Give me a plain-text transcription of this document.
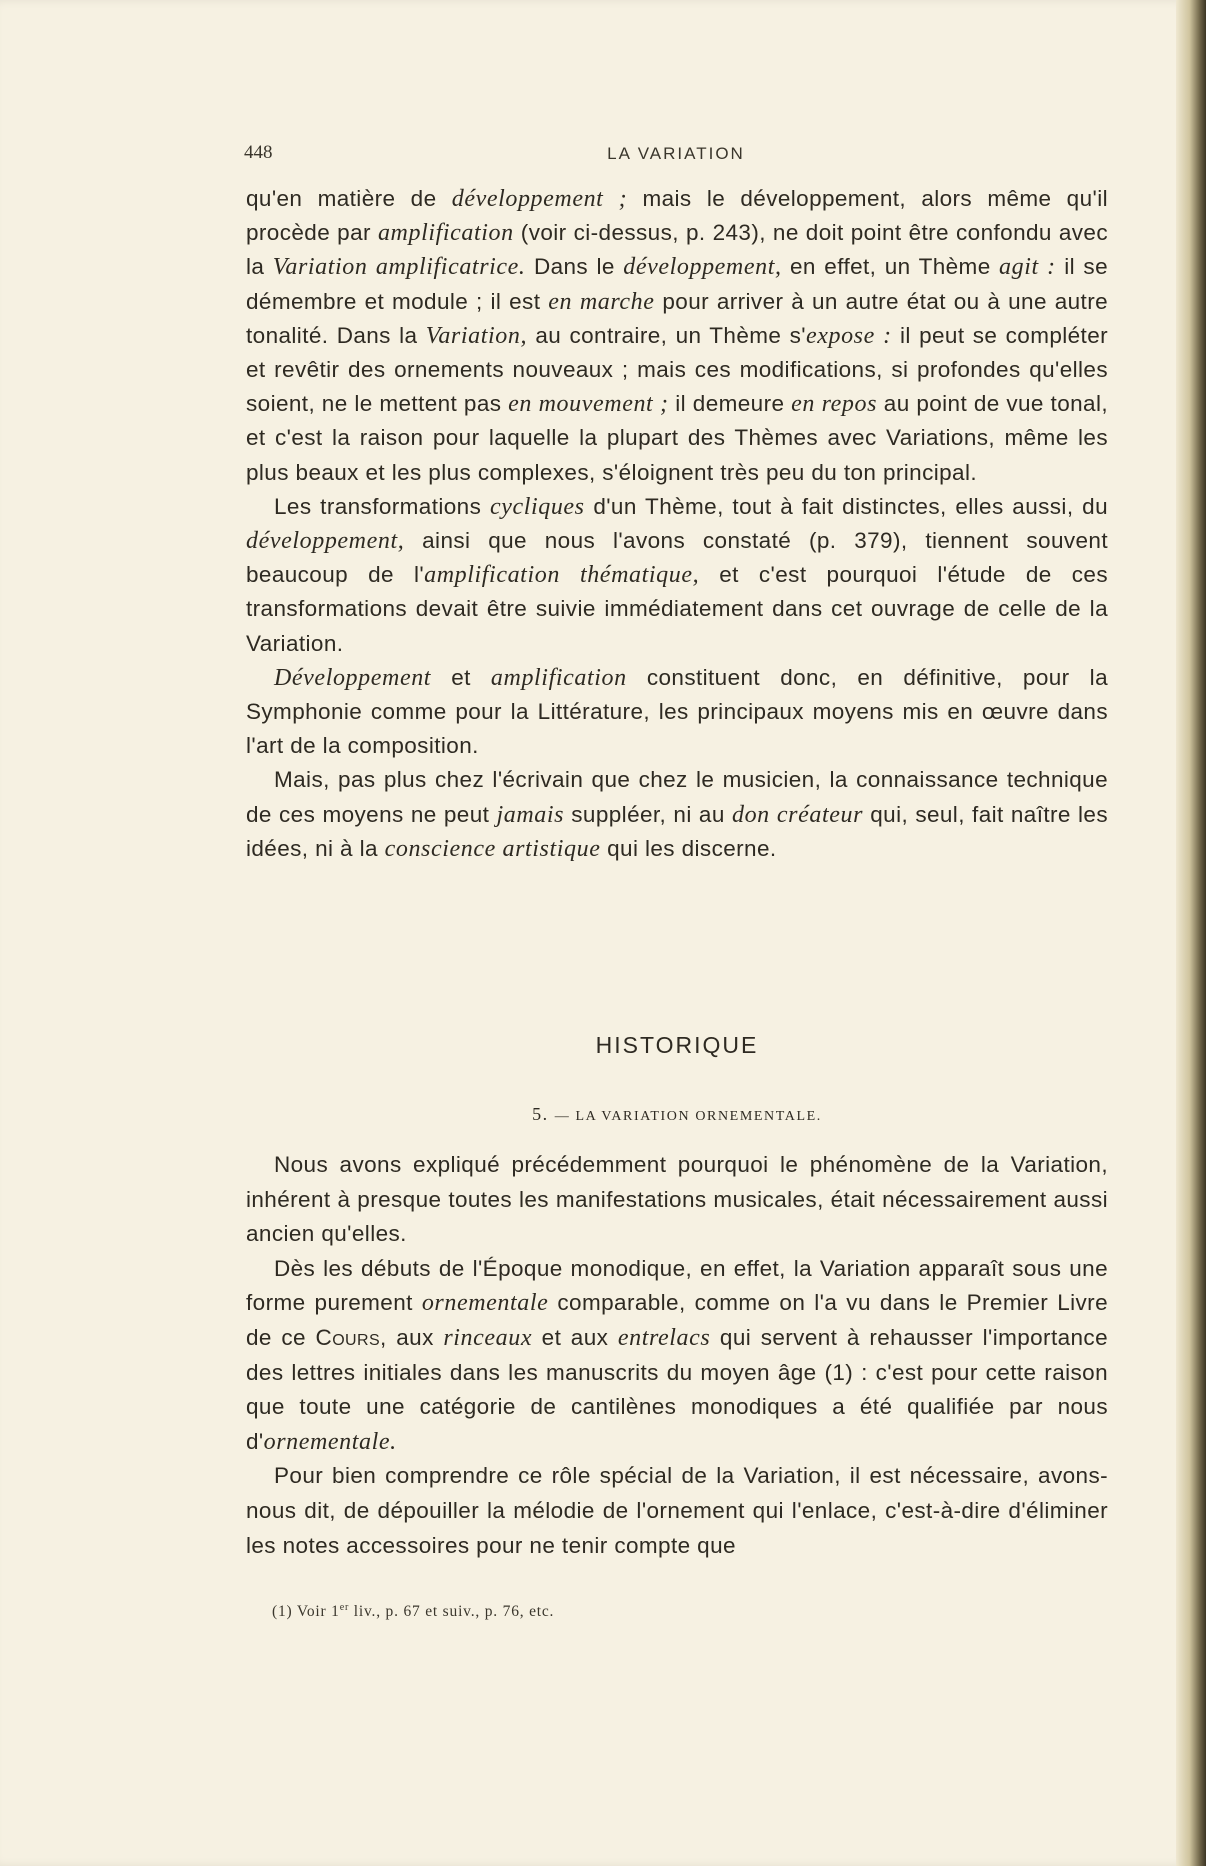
448	LA VARIATION

qu'en matière de développement ; mais le développement, alors même qu'il procède par amplification (voir ci-dessus, p. 243), ne doit point être confondu avec la Variation amplificatrice. Dans le développement, en effet, un Thème agit : il se démembre et module ; il est en marche pour arriver à un autre état ou à une autre tonalité. Dans la Variation, au contraire, un Thème s'expose : il peut se compléter et revêtir des ornements nouveaux ; mais ces modifications, si profondes qu'elles soient, ne le mettent pas en mouvement ; il demeure en repos au point de vue tonal, et c'est la raison pour laquelle la plupart des Thèmes avec Variations, même les plus beaux et les plus complexes, s'éloignent très peu du ton principal.

Les transformations cycliques d'un Thème, tout à fait distinctes, elles aussi, du développement, ainsi que nous l'avons constaté (p. 379), tiennent souvent beaucoup de l'amplification thématique, et c'est pourquoi l'étude de ces transformations devait être suivie immédiatement dans cet ouvrage de celle de la Variation.

Développement et amplification constituent donc, en définitive, pour la Symphonie comme pour la Littérature, les principaux moyens mis en œuvre dans l'art de la composition.

Mais, pas plus chez l'écrivain que chez le musicien, la connaissance technique de ces moyens ne peut jamais suppléer, ni au don créateur qui, seul, fait naître les idées, ni à la conscience artistique qui les discerne.

HISTORIQUE
5. — LA VARIATION ORNEMENTALE.

Nous avons expliqué précédemment pourquoi le phénomène de la Variation, inhérent à presque toutes les manifestations musicales, était nécessairement aussi ancien qu'elles.

Dès les débuts de l'Époque monodique, en effet, la Variation apparaît sous une forme purement ornementale comparable, comme on l'a vu dans le Premier Livre de ce Cours, aux rinceaux et aux entrelacs qui servent à rehausser l'importance des lettres initiales dans les manuscrits du moyen âge (1) : c'est pour cette raison que toute une catégorie de cantilènes monodiques a été qualifiée par nous d'ornementale.

Pour bien comprendre ce rôle spécial de la Variation, il est nécessaire, avons-nous dit, de dépouiller la mélodie de l'ornement qui l'enlace, c'est-à-dire d'éliminer les notes accessoires pour ne tenir compte que

(1) Voir 1er liv., p. 67 et suiv., p. 76, etc.
